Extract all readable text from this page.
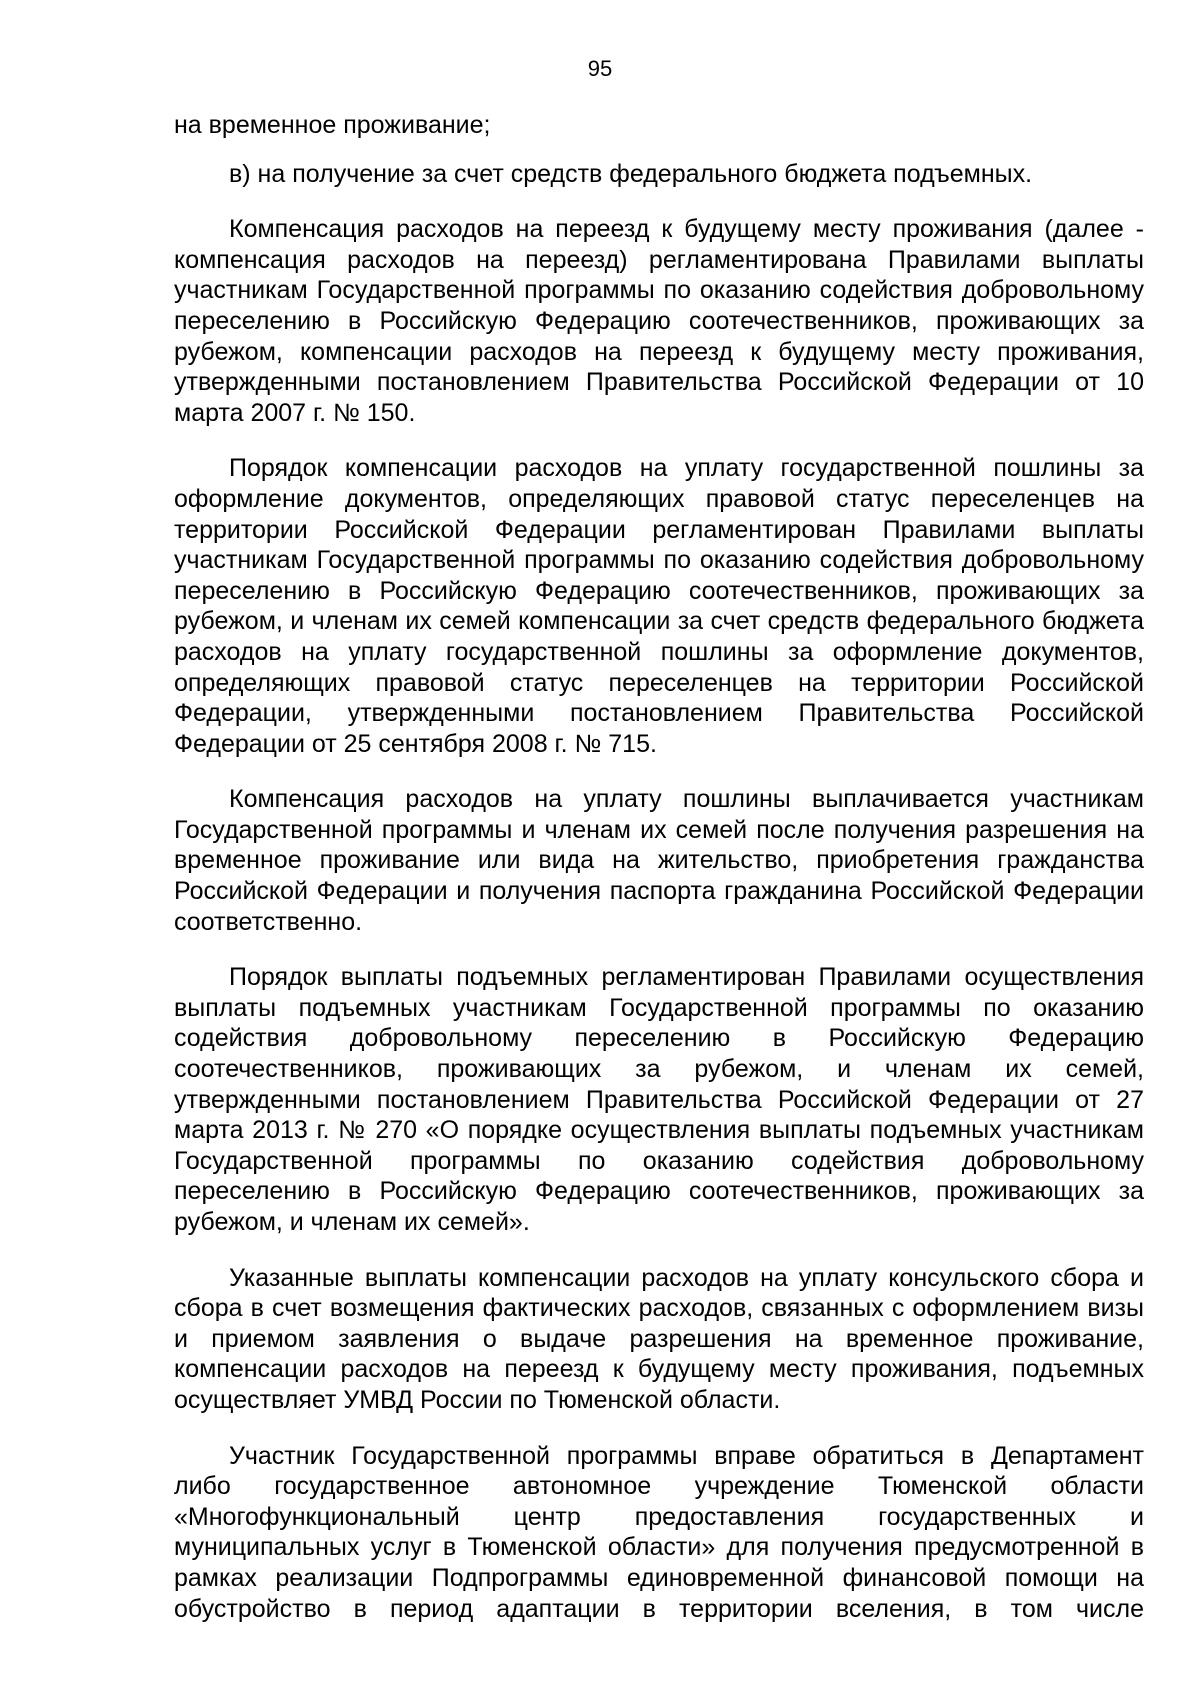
95

на временное проживание;

в) на получение за счет средств федерального бюджета подъемных.

Компенсация расходов на переезд к будущему месту проживания (далее - компенсация расходов на переезд) регламентирована Правилами выплаты участникам Государственной программы по оказанию содействия добровольному переселению в Российскую Федерацию соотечественников, проживающих за рубежом, компенсации расходов на переезд к будущему месту проживания, утвержденными постановлением Правительства Российской Федерации от 10 марта 2007 г. № 150.

Порядок компенсации расходов на уплату государственной пошлины за оформление документов, определяющих правовой статус переселенцев на территории Российской Федерации регламентирован Правилами выплаты участникам Государственной программы по оказанию содействия добровольному переселению в Российскую Федерацию соотечественников, проживающих за рубежом, и членам их семей компенсации за счет средств федерального бюджета расходов на уплату государственной пошлины за оформление документов, определяющих правовой статус переселенцев на территории Российской Федерации, утвержденными постановлением Правительства Российской Федерации от 25 сентября 2008 г. № 715.

Компенсация расходов на уплату пошлины выплачивается участникам Государственной программы и членам их семей после получения разрешения на временное проживание или вида на жительство, приобретения гражданства Российской Федерации и получения паспорта гражданина Российской Федерации соответственно.

Порядок выплаты подъемных регламентирован Правилами осуществления выплаты подъемных участникам Государственной программы по оказанию содействия добровольному переселению в Российскую Федерацию соотечественников, проживающих за рубежом, и членам их семей, утвержденными постановлением Правительства Российской Федерации от 27 марта 2013 г. № 270 «О порядке осуществления выплаты подъемных участникам Государственной программы по оказанию содействия добровольному переселению в Российскую Федерацию соотечественников, проживающих за рубежом, и членам их семей».

Указанные выплаты компенсации расходов на уплату консульского сбора и сбора в счет возмещения фактических расходов, связанных с оформлением визы и приемом заявления о выдаче разрешения на временное проживание, компенсации расходов на переезд к будущему месту проживания, подъемных осуществляет УМВД России по Тюменской области.

Участник Государственной программы вправе обратиться в Департамент либо государственное автономное учреждение Тюменской области «Многофункциональный центр предоставления государственных и муниципальных услуг в Тюменской области» для получения предусмотренной в рамках реализации Подпрограммы единовременной финансовой помощи на обустройство в период адаптации в территории вселения, в том числе
